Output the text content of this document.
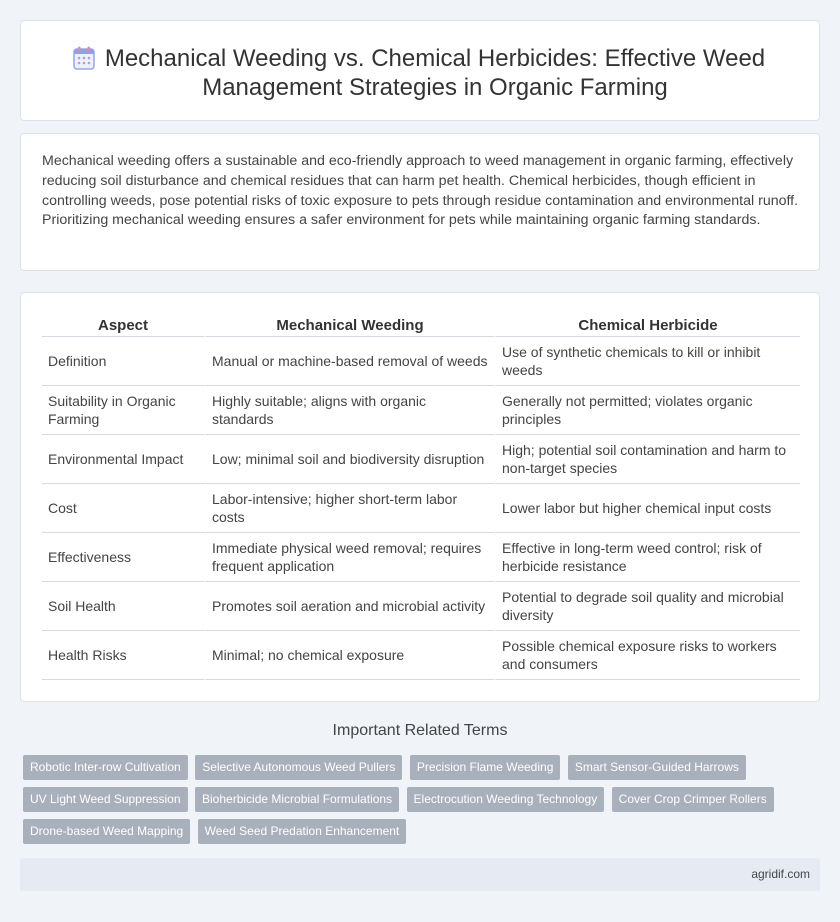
Mechanical Weeding vs. Chemical Herbicides: Effective Weed Management Strategies in Organic Farming

Mechanical weeding offers a sustainable and eco-friendly approach to weed management in organic farming, effectively reducing soil disturbance and chemical residues that can harm pet health. Chemical herbicides, though efficient in controlling weeds, pose potential risks of toxic exposure to pets through residue contamination and environmental runoff. Prioritizing mechanical weeding ensures a safer environment for pets while maintaining organic farming standards.

Aspect	Mechanical Weeding	Chemical Herbicide
Definition	Manual or machine-based removal of weeds	Use of synthetic chemicals to kill or inhibit weeds
Suitability in Organic Farming	Highly suitable; aligns with organic standards	Generally not permitted; violates organic principles
Environmental Impact	Low; minimal soil and biodiversity disruption	High; potential soil contamination and harm to non-target species
Cost	Labor-intensive; higher short-term labor costs	Lower labor but higher chemical input costs
Effectiveness	Immediate physical weed removal; requires frequent application	Effective in long-term weed control; risk of herbicide resistance
Soil Health	Promotes soil aeration and microbial activity	Potential to degrade soil quality and microbial diversity
Health Risks	Minimal; no chemical exposure	Possible chemical exposure risks to workers and consumers
Important Related Terms
Robotic Inter-row Cultivation Selective Autonomous Weed Pullers Precision Flame Weeding Smart Sensor-Guided Harrows UV Light Weed Suppression Bioherbicide Microbial Formulations Electrocution Weeding Technology Cover Crop Crimper Rollers Drone-based Weed Mapping Weed Seed Predation Enhancement
agridif.com
